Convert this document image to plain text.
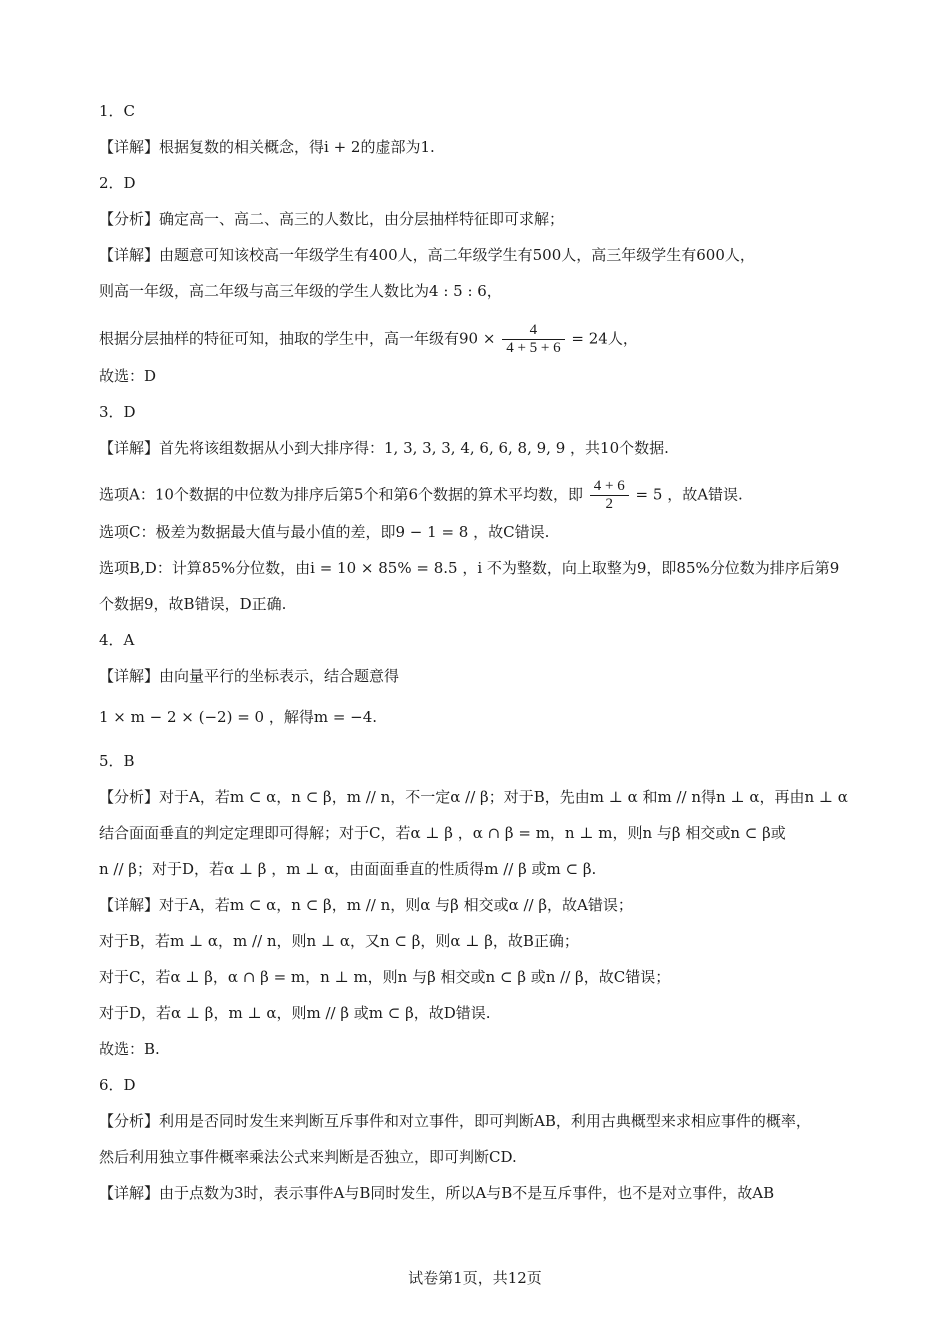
1．C
【详解】根据复数的相关概念，得i + 2的虚部为1.
2．D
【分析】确定高一、高二、高三的人数比，由分层抽样特征即可求解；
【详解】由题意可知该校高一年级学生有400人，高二年级学生有500人，高三年级学生有600人，
则高一年级，高二年级与高三年级的学生人数比为4 : 5 : 6，
故选：D
3．D
【详解】首先将该组数据从小到大排序得：1, 3, 3, 3, 4, 6, 6, 8, 9, 9 ，共10个数据.
选项C：极差为数据最大值与最小值的差，即9 − 1 = 8 ，故C错误.
选项B,D：计算85%分位数，由i = 10 × 85% = 8.5 ，i 不为整数，向上取整为9，即85%分位数为排序后第9
个数据9，故B错误，D正确.
4．A
【详解】由向量平行的坐标表示，结合题意得
1 × m − 2 × (−2) = 0 ，解得m = −4.
5．B
【分析】对于A，若m ⊂ α，n ⊂ β，m // n，不一定α // β；对于B，先由m ⊥ α 和m // n得n ⊥ α，再由n ⊥ α
结合面面垂直的判定定理即可得解；对于C，若α ⊥ β ，α ∩ β = m，n ⊥ m，则n 与β 相交或n ⊂ β或
n // β；对于D，若α ⊥ β ，m ⊥ α，由面面垂直的性质得m // β 或m ⊂ β.
【详解】对于A，若m ⊂ α，n ⊂ β，m // n，则α 与β 相交或α // β，故A错误；
对于B，若m ⊥ α，m // n，则n ⊥ α，又n ⊂ β，则α ⊥ β，故B正确；
对于C，若α ⊥ β，α ∩ β = m，n ⊥ m，则n 与β 相交或n ⊂ β 或n // β，故C错误；
对于D，若α ⊥ β，m ⊥ α，则m // β 或m ⊂ β，故D错误.
故选：B.
6．D
【分析】利用是否同时发生来判断互斥事件和对立事件，即可判断AB，利用古典概型来求相应事件的概率，
然后利用独立事件概率乘法公式来判断是否独立，即可判断CD.
【详解】由于点数为3时，表示事件A与B同时发生，所以A与B不是互斥事件，也不是对立事件，故AB
根据分层抽样的特征可知，抽取的学生中，高一年级有$90 \times \frac{4}{4 + 5 + 6} = 24$人，
选项A：10个数据的中位数为排序后第5个和第6个数据的算术平均数，即 $\frac{4 + 6}{2} = 5$ ，故A错误.
试卷第1页，共12页
